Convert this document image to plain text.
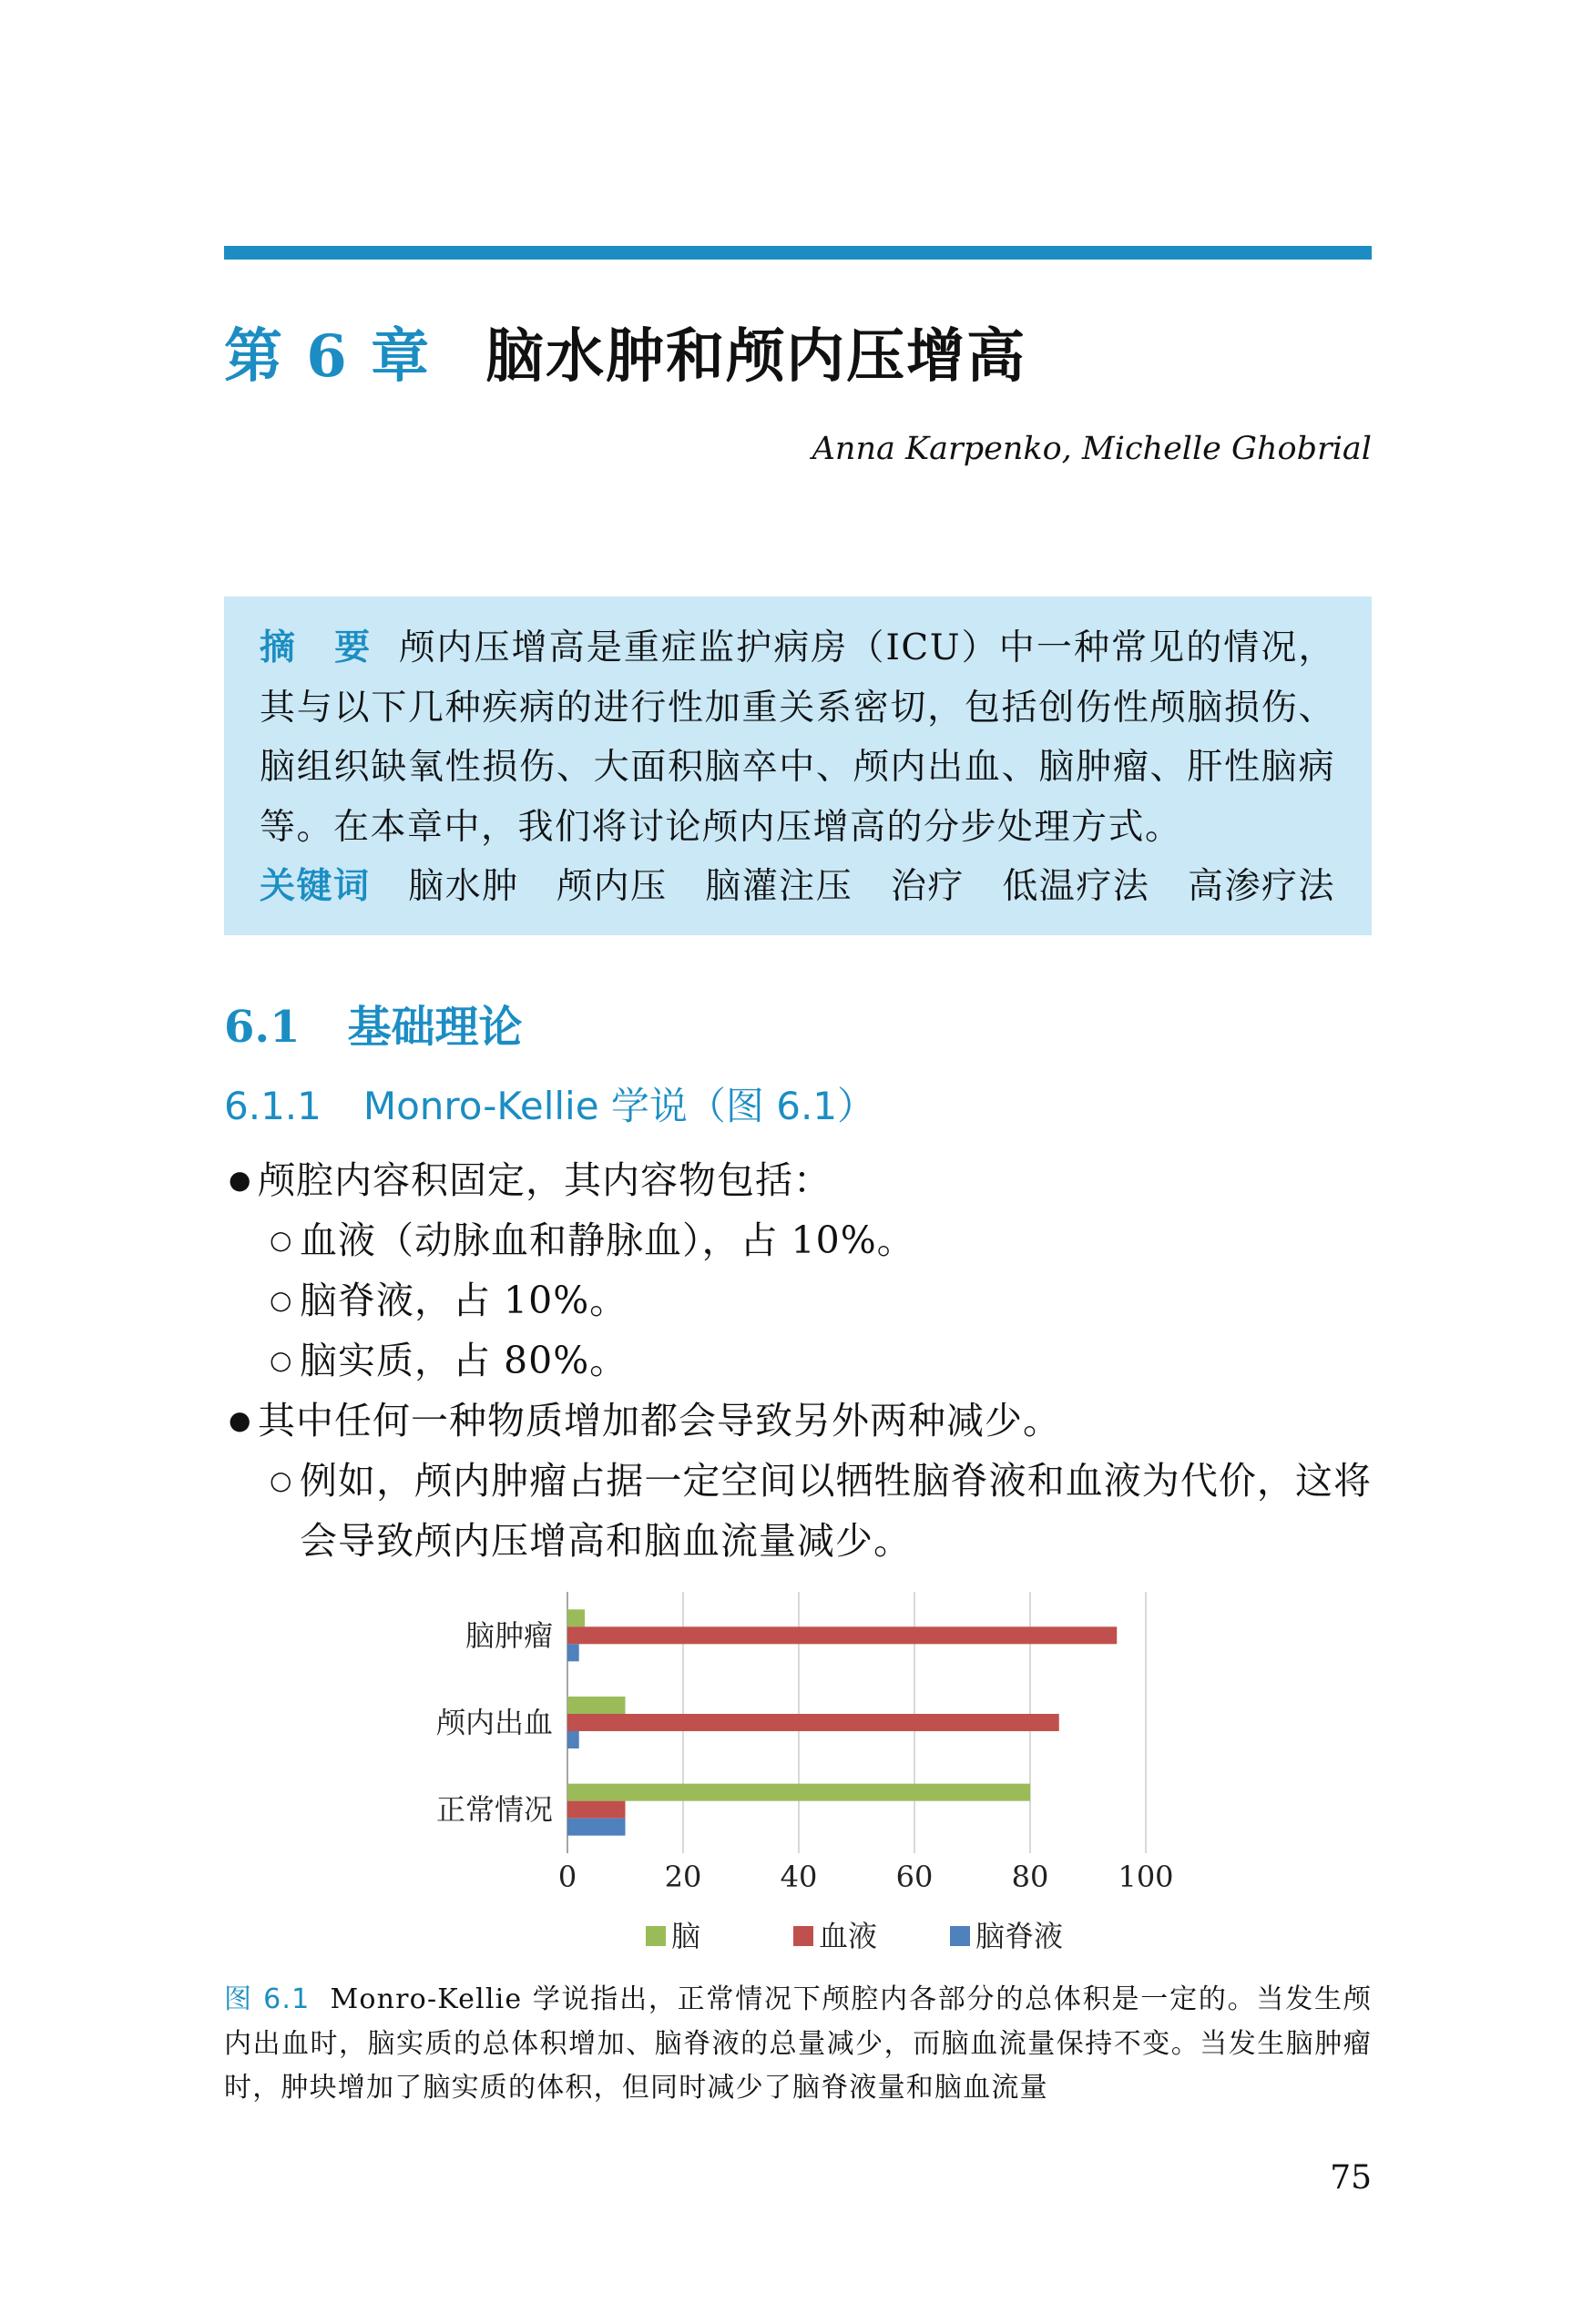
第 6 章 脑水肿和颅内压增高
Anna Karpenko, Michelle Ghobrial

摘　要 颅内压增高是重症监护病房（ICU）中一种常见的情况，其与以下几种疾病的进行性加重关系密切，包括创伤性颅脑损伤、脑组织缺氧性损伤、大面积脑卒中、颅内出血、脑肿瘤、肝性脑病等。在本章中，我们将讨论颅内压增高的分步处理方式。

关键词 脑水肿 颅内压 脑灌注压 治疗 低温疗法 高渗疗法
6.1 基础理论
6.1.1 Monro-Kellie 学说（图 6.1）
● 颅腔内容积固定，其内容物包括：
○ 血液（动脉血和静脉血），占 10%。
○ 脑脊液，占 10%。
○ 脑实质，占 80%。
● 其中任何一种物质增加都会导致另外两种减少。
○ 例如，颅内肿瘤占据一定空间以牺牲脑脊液和血液为代价，这将会导致颅内压增高和脑血流量减少。
脑肿瘤
颅内出血
正常情况
0	20	40	60	80 100
脑	血液	脑脊液

图 6.1 Monro-Kellie 学说指出，正常情况下颅腔内各部分的总体积是一定的。当发生颅内出血时，脑实质的总体积增加、脑脊液的总量减少，而脑血流量保持不变。当发生脑肿瘤时，肿块增加了脑实质的体积，但同时减少了脑脊液量和脑血流量

75
